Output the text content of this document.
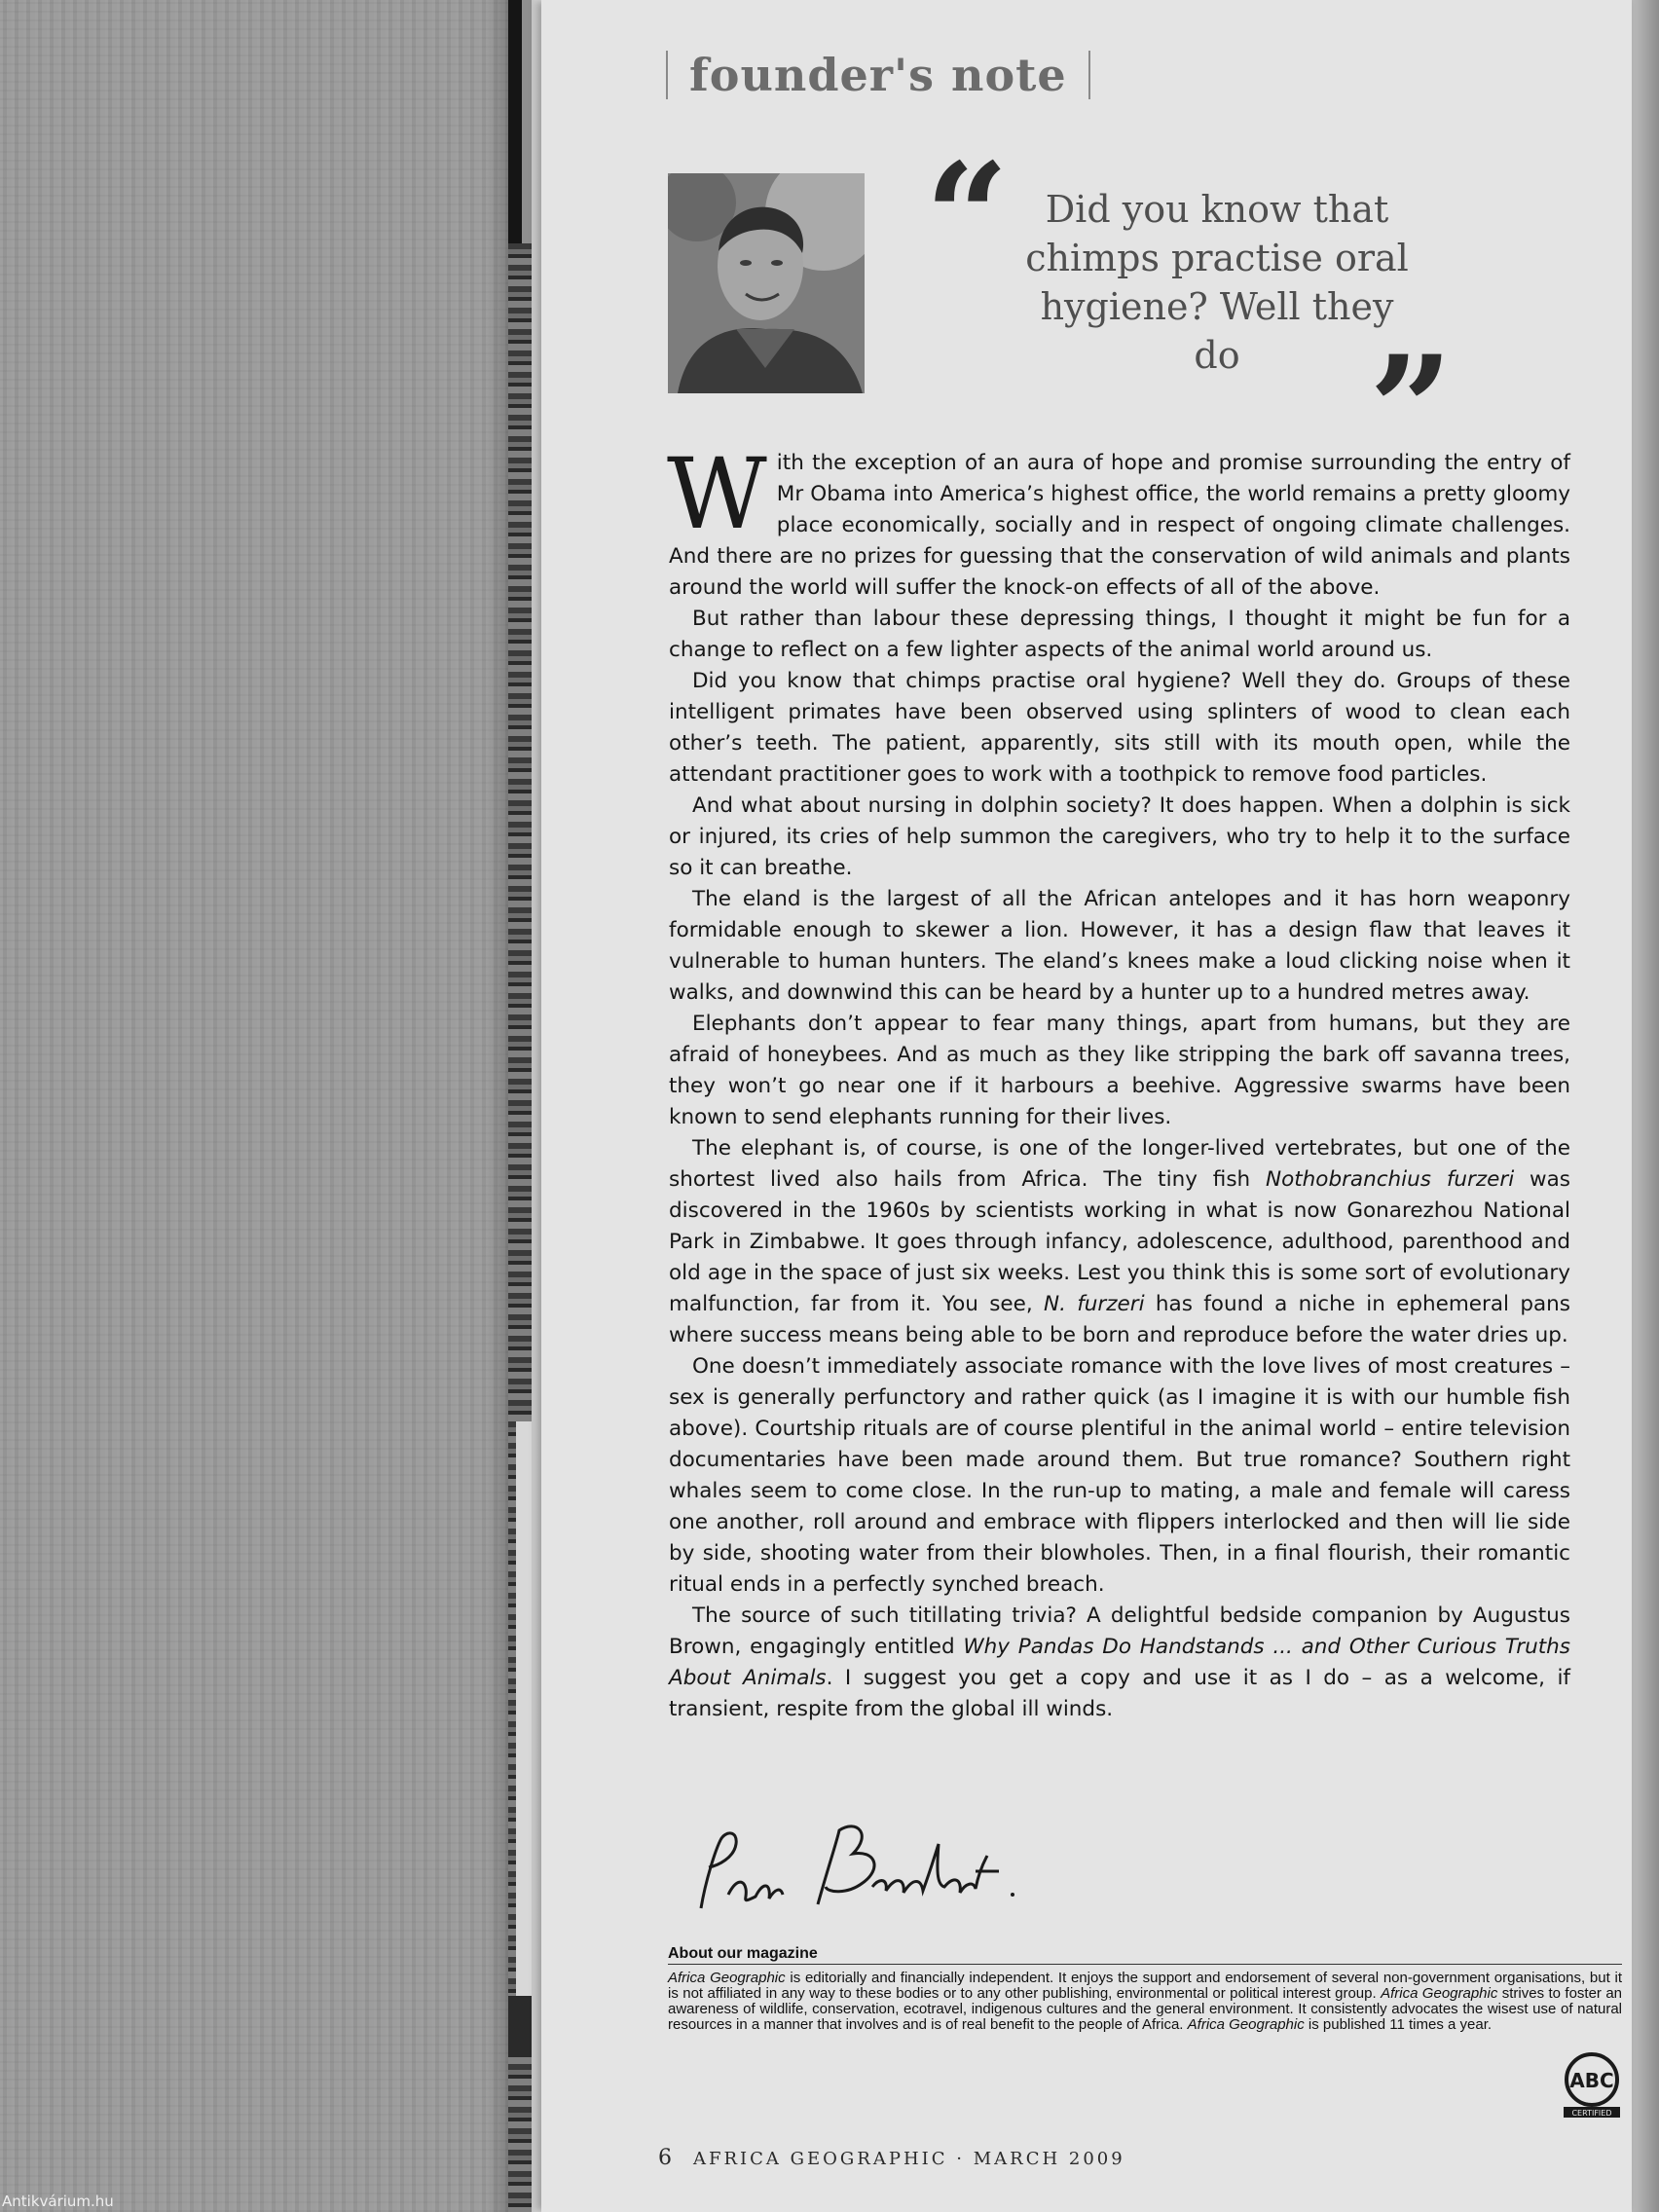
founder's note
“ Did you know that chimps practise oral hygiene? Well they do ”

With the exception of an aura of hope and promise surrounding the entry of Mr Obama into America’s highest office, the world remains a pretty gloomy place economically, socially and in respect of ongoing climate challenges. And there are no prizes for guessing that the conservation of wild animals and plants around the world will suffer the knock-on effects of all of the above.

But rather than labour these depressing things, I thought it might be fun for a change to reflect on a few lighter aspects of the animal world around us.

Did you know that chimps practise oral hygiene? Well they do. Groups of these intelligent primates have been observed using splinters of wood to clean each other’s teeth. The patient, apparently, sits still with its mouth open, while the attendant practitioner goes to work with a toothpick to remove food particles.

And what about nursing in dolphin society? It does happen. When a dolphin is sick or injured, its cries of help summon the caregivers, who try to help it to the surface so it can breathe.

The eland is the largest of all the African antelopes and it has horn weaponry formidable enough to skewer a lion. However, it has a design flaw that leaves it vulnerable to human hunters. The eland’s knees make a loud clicking noise when it walks, and downwind this can be heard by a hunter up to a hundred metres away.

Elephants don’t appear to fear many things, apart from humans, but they are afraid of honeybees. And as much as they like stripping the bark off savanna trees, they won’t go near one if it harbours a beehive. Aggressive swarms have been known to send elephants running for their lives.

The elephant is, of course, is one of the longer-lived vertebrates, but one of the shortest lived also hails from Africa. The tiny fish Nothobranchius furzeri was discovered in the 1960s by scientists working in what is now Gonarezhou National Park in Zimbabwe. It goes through infancy, adolescence, adulthood, parenthood and old age in the space of just six weeks. Lest you think this is some sort of evolutionary malfunction, far from it. You see, N. furzeri has found a niche in ephemeral pans where success means being able to be born and reproduce before the water dries up.

One doesn’t immediately associate romance with the love lives of most creatures – sex is generally perfunctory and rather quick (as I imagine it is with our humble fish above). Courtship rituals are of course plentiful in the animal world – entire television documentaries have been made around them. But true romance? Southern right whales seem to come close. In the run-up to mating, a male and female will caress one another, roll around and embrace with flippers interlocked and then will lie side by side, shooting water from their blowholes. Then, in a final flourish, their romantic ritual ends in a perfectly synched breach.

The source of such titillating trivia? A delightful bedside companion by Augustus Brown, engagingly entitled Why Pandas Do Handstands ... and Other Curious Truths About Animals. I suggest you get a copy and use it as I do – as a welcome, if transient, respite from the global ill winds.

About our magazine

Africa Geographic is editorially and financially independent. It enjoys the support and endorsement of several non-government organisations, but it is not affiliated in any way to these bodies or to any other publishing, environmental or political interest group. Africa Geographic strives to foster an awareness of wildlife, conservation, ecotravel, indigenous cultures and the general environment. It consistently advocates the wisest use of natural resources in a manner that involves and is of real benefit to the people of Africa. Africa Geographic is published 11 times a year.

ABC
CERTIFIED
6 AFRICA GEOGRAPHIC · MARCH 2009
Antikvárium.hu
